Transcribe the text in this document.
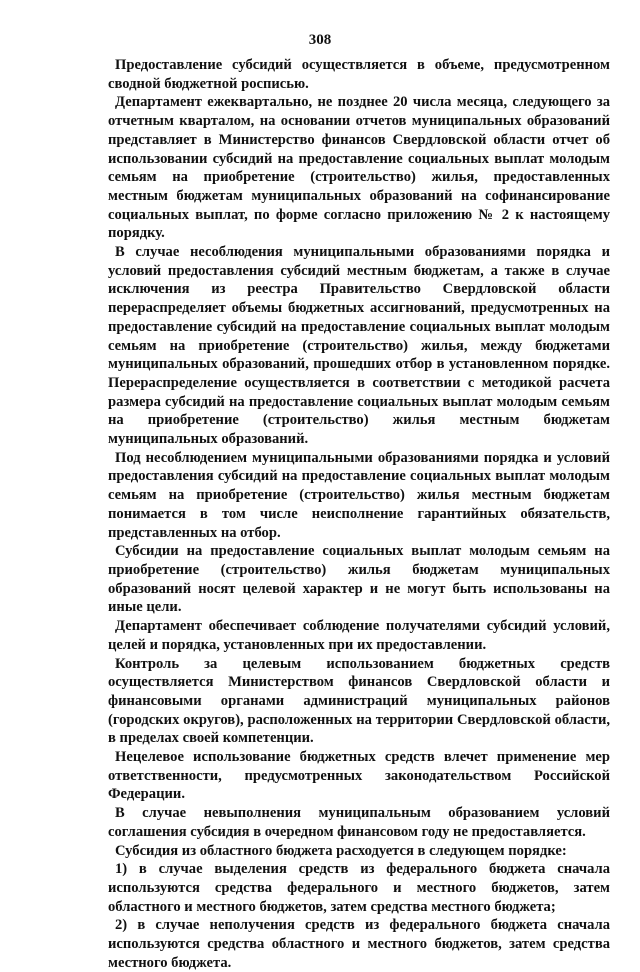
308

Предоставление субсидий осуществляется в объеме, предусмотренном сводной бюджетной росписью.

Департамент ежеквартально, не позднее 20 числа месяца, следующего за отчетным кварталом, на основании отчетов муниципальных образований представляет в Министерство финансов Свердловской области отчет об использовании субсидий на предоставление социальных выплат молодым семьям на приобретение (строительство) жилья, предоставленных местным бюджетам муниципальных образований на софинансирование социальных выплат, по форме согласно приложению № 2 к настоящему порядку.

В случае несоблюдения муниципальными образованиями порядка и условий предоставления субсидий местным бюджетам, а также в случае исключения из реестра Правительство Свердловской области перераспределяет объемы бюджетных ассигнований, предусмотренных на предоставление субсидий на предоставление социальных выплат молодым семьям на приобретение (строительство) жилья, между бюджетами муниципальных образований, прошедших отбор в установленном порядке. Перераспределение осуществляется в соответствии с методикой расчета размера субсидий на предоставление социальных выплат молодым семьям на приобретение (строительство) жилья местным бюджетам муниципальных образований.

Под несоблюдением муниципальными образованиями порядка и условий предоставления субсидий на предоставление социальных выплат молодым семьям на приобретение (строительство) жилья местным бюджетам понимается в том числе неисполнение гарантийных обязательств, представленных на отбор.

Субсидии на предоставление социальных выплат молодым семьям на приобретение (строительство) жилья бюджетам муниципальных образований носят целевой характер и не могут быть использованы на иные цели.

Департамент обеспечивает соблюдение получателями субсидий условий, целей и порядка, установленных при их предоставлении.

Контроль за целевым использованием бюджетных средств осуществляется Министерством финансов Свердловской области и финансовыми органами администраций муниципальных районов (городских округов), расположенных на территории Свердловской области, в пределах своей компетенции.

Нецелевое использование бюджетных средств влечет применение мер ответственности, предусмотренных законодательством Российской Федерации.

В случае невыполнения муниципальным образованием условий соглашения субсидия в очередном финансовом году не предоставляется.

Субсидия из областного бюджета расходуется в следующем порядке:

1) в случае выделения средств из федерального бюджета сначала используются средства федерального и местного бюджетов, затем областного и местного бюджетов, затем средства местного бюджета;

2) в случае неполучения средств из федерального бюджета сначала используются средства областного и местного бюджетов, затем средства местного бюджета.
